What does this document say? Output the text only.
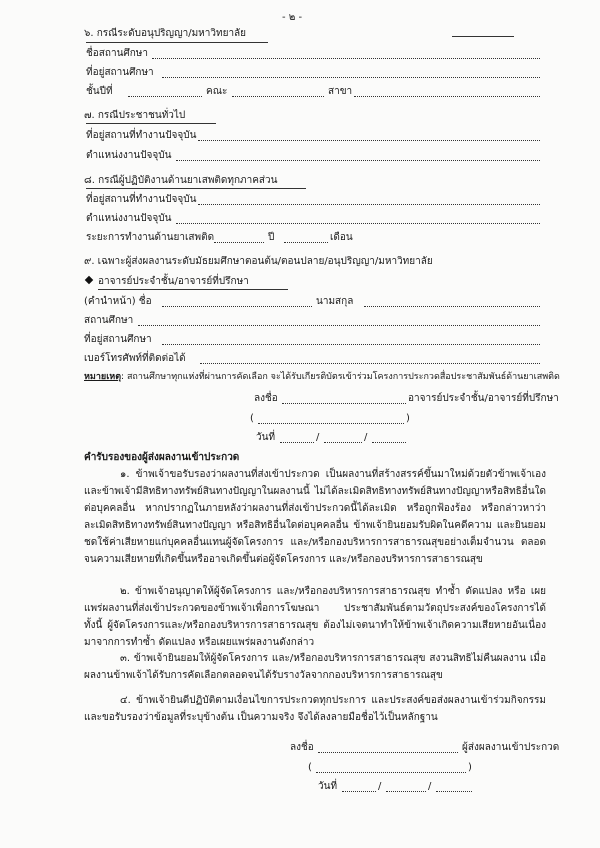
- ๒ -
๖. กรณีระดับอนุปริญญา/มหาวิทยาลัย
ชื่อสถานศึกษา
ที่อยู่สถานศึกษา
ชั้นปีที่	คณะ	สาขา
๗. กรณีประชาชนทั่วไป
ที่อยู่สถานที่ทำงานปัจจุบัน
ตำแหน่งงานปัจจุบัน
๘. กรณีผู้ปฏิบัติงานด้านยาเสพติดทุกภาคส่วน
ที่อยู่สถานที่ทำงานปัจจุบัน
ตำแหน่งงานปัจจุบัน
ระยะการทำงานด้านยาเสพติด	ปี	เดือน
๙. เฉพาะผู้ส่งผลงานระดับมัธยมศึกษาตอนต้น/ตอนปลาย/อนุปริญญา/มหาวิทยาลัย
อาจารย์ประจำชั้น/อาจารย์ที่ปรึกษา
(คำนำหน้า) ชื่อ	นามสกุล
สถานศึกษา
ที่อยู่สถานศึกษา
เบอร์โทรศัพท์ที่ติดต่อได้
หมายเหตุ: สถานศึกษาทุกแห่งที่ผ่านการคัดเลือก จะได้รับเกียรติบัตรเข้าร่วมโครงการประกวดสื่อประชาสัมพันธ์ด้านยาเสพติด
ลงชื่อ	อาจารย์ประจำชั้น/อาจารย์ที่ปรึกษา
(	)
วันที่	/	/
คำรับรองของผู้ส่งผลงานเข้าประกวด
๑. ข้าพเจ้าขอรับรองว่าผลงานที่ส่งเข้าประกวด เป็นผลงานที่สร้างสรรค์ขึ้นมาใหม่ด้วยตัวข้าพเจ้าเอง และข้าพเจ้ามีสิทธิทางทรัพย์สินทางปัญญาในผลงานนี้ ไม่ได้ละเมิดสิทธิทางทรัพย์สินทางปัญญาหรือสิทธิอื่นใดต่อบุคคลอื่น หากปรากฏในภายหลังว่าผลงานที่ส่งเข้าประกวดนี้ได้ละเมิด หรือถูกฟ้องร้อง หรือกล่าวหาว่าละเมิดสิทธิทางทรัพย์สินทางปัญญา หรือสิทธิอื่นใดต่อบุคคลอื่น ข้าพเจ้ายินยอมรับผิดในคดีความ และยินยอมชดใช้ค่าเสียหายแก่บุคคลอื่นแทนผู้จัดโครงการ และ/หรือกองบริหารการสาธารณสุขอย่างเต็มจำนวน ตลอดจนความเสียหายที่เกิดขึ้นหรืออาจเกิดขึ้นต่อผู้จัดโครงการ และ/หรือกองบริหารการสาธารณสุข
๒. ข้าพเจ้าอนุญาตให้ผู้จัดโครงการ และ/หรือกองบริหารการสาธารณสุข ทำซ้ำ ดัดแปลง หรือ เผยแพร่ผลงานที่ส่งเข้าประกวดของข้าพเจ้าเพื่อการโฆษณา ประชาสัมพันธ์ตามวัตถุประสงค์ของโครงการได้ ทั้งนี้ ผู้จัดโครงการและ/หรือกองบริหารการสาธารณสุข ต้องไม่เจตนาทำให้ข้าพเจ้าเกิดความเสียหายอันเนื่องมาจากการทำซ้ำ ดัดแปลง หรือเผยแพร่ผลงานดังกล่าว
๓. ข้าพเจ้ายินยอมให้ผู้จัดโครงการ และ/หรือกองบริหารการสาธารณสุข สงวนสิทธิไม่คืนผลงาน เมื่อผลงานข้าพเจ้าได้รับการคัดเลือกตลอดจนได้รับรางวัลจากกองบริหารการสาธารณสุข
๔. ข้าพเจ้ายินดีปฏิบัติตามเงื่อนไขการประกวดทุกประการ และประสงค์ขอส่งผลงานเข้าร่วมกิจกรรม และขอรับรองว่าข้อมูลที่ระบุข้างต้น เป็นความจริง จึงได้ลงลายมือชื่อไว้เป็นหลักฐาน
ลงชื่อ	ผู้ส่งผลงานเข้าประกวด
(	)
วันที่	/	/
